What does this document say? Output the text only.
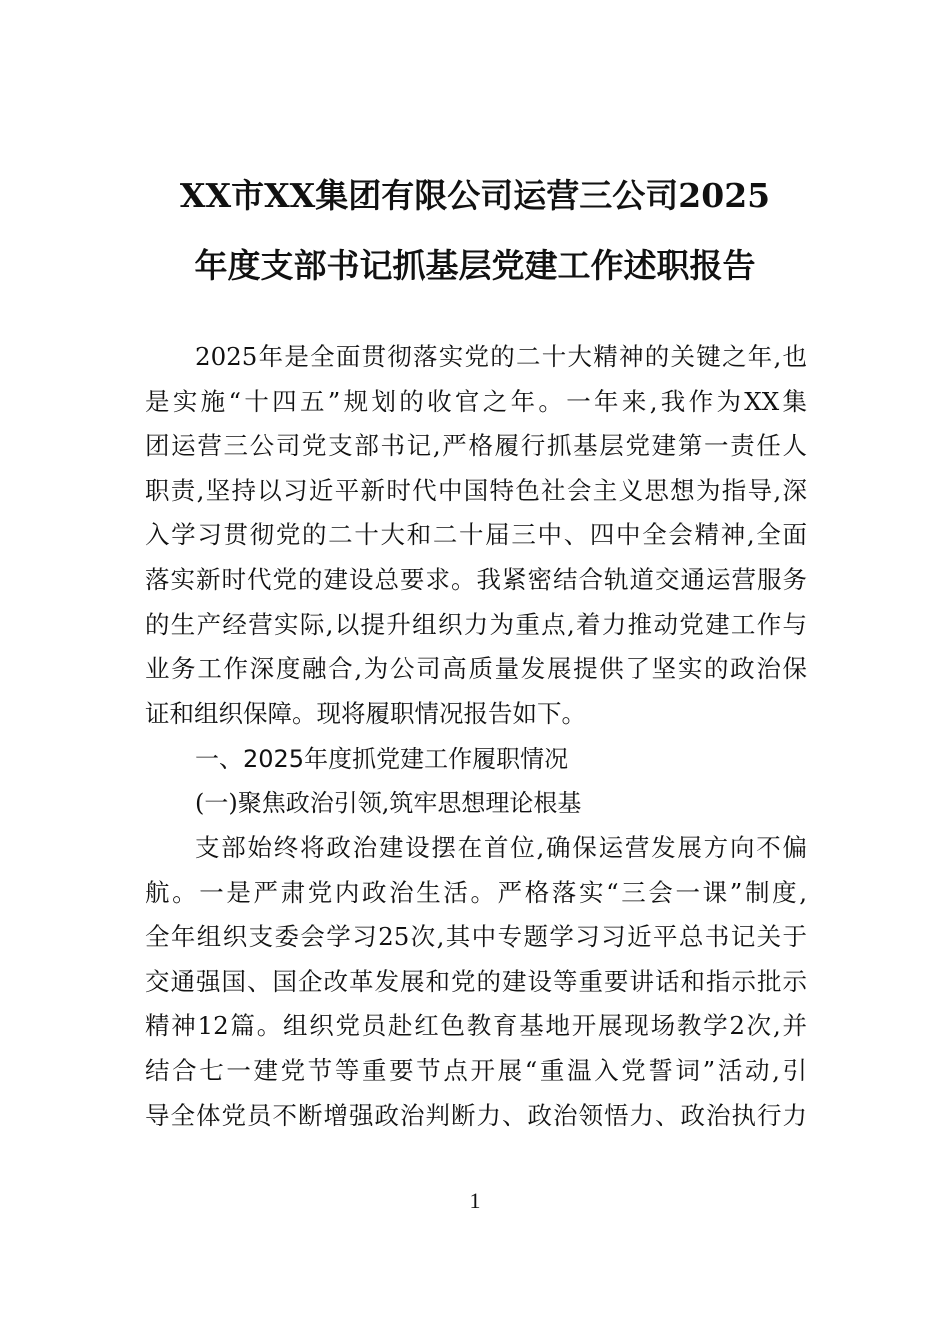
XX市XX集团有限公司运营三公司2025
年度支部书记抓基层党建工作述职报告
2025年是全面贯彻落实党的二十大精神的关键之年,也
是实施“十四五”规划的收官之年。一年来,我作为XX集
团运营三公司党支部书记,严格履行抓基层党建第一责任人
职责,坚持以习近平新时代中国特色社会主义思想为指导,深
入学习贯彻党的二十大和二十届三中、四中全会精神,全面
落实新时代党的建设总要求。我紧密结合轨道交通运营服务
的生产经营实际,以提升组织力为重点,着力推动党建工作与
业务工作深度融合,为公司高质量发展提供了坚实的政治保
证和组织保障。现将履职情况报告如下。
一、2025年度抓党建工作履职情况
(一)聚焦政治引领,筑牢思想理论根基
支部始终将政治建设摆在首位,确保运营发展方向不偏
航。一是严肃党内政治生活。严格落实“三会一课”制度,
全年组织支委会学习25次,其中专题学习习近平总书记关于
交通强国、国企改革发展和党的建设等重要讲话和指示批示
精神12篇。组织党员赴红色教育基地开展现场教学2次,并
结合七一建党节等重要节点开展“重温入党誓词”活动,引
导全体党员不断增强政治判断力、政治领悟力、政治执行力
1
